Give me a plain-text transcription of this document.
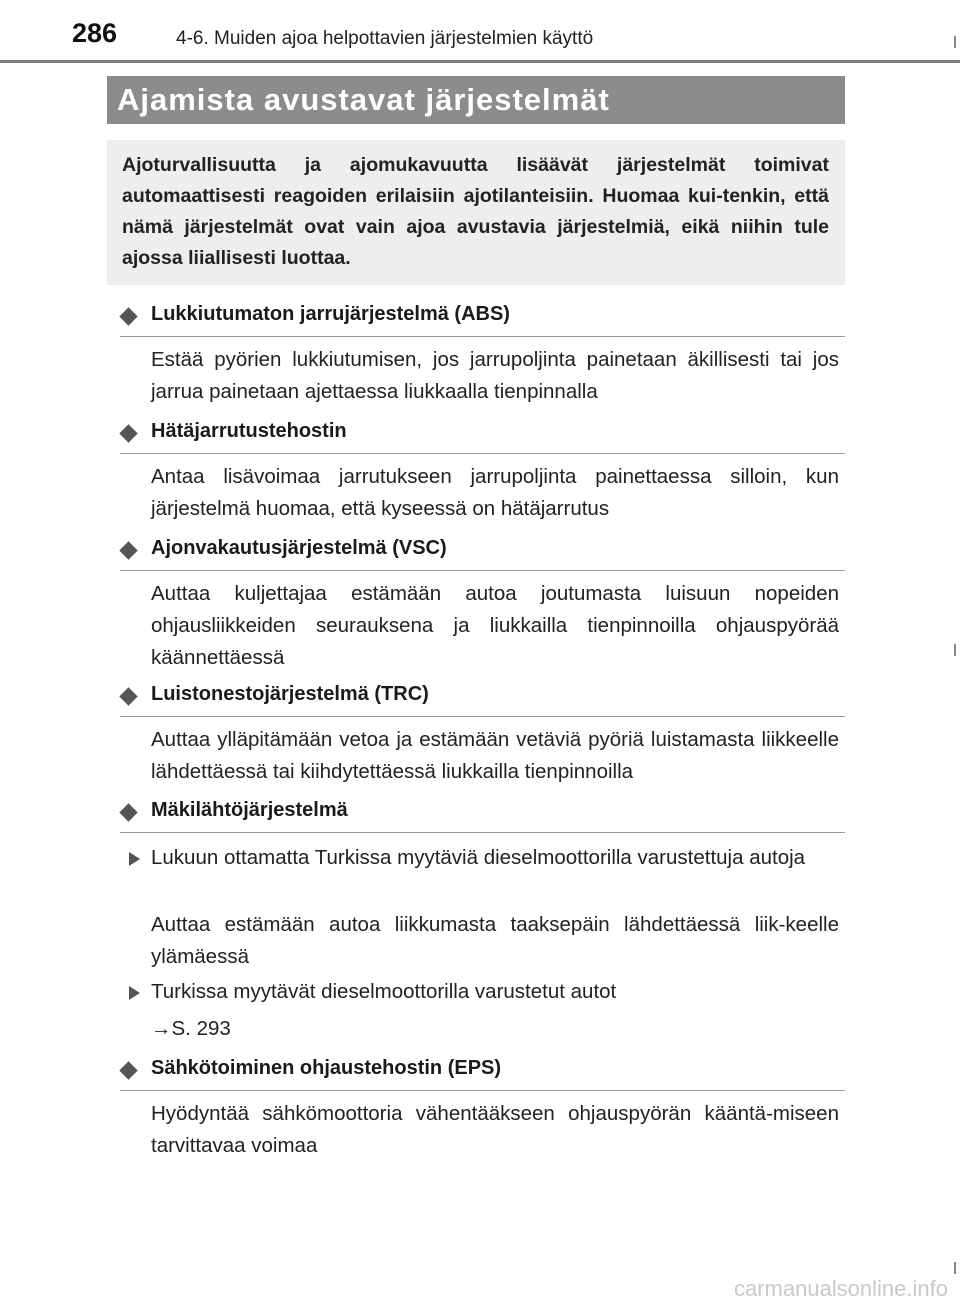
286	4-6. Muiden ajoa helpottavien järjestelmien käyttö
Ajamista avustavat järjestelmät

Ajoturvallisuutta ja ajomukavuutta lisäävät järjestelmät toimivat automaattisesti reagoiden erilaisiin ajotilanteisiin. Huomaa kui-tenkin, että nämä järjestelmät ovat vain ajoa avustavia järjestelmiä, eikä niihin tule ajossa liiallisesti luottaa.

Lukkiutumaton jarrujärjestelmä (ABS)

Estää pyörien lukkiutumisen, jos jarrupoljinta painetaan äkillisesti tai jos jarrua painetaan ajettaessa liukkaalla tienpinnalla

Hätäjarrutustehostin

Antaa lisävoimaa jarrutukseen jarrupoljinta painettaessa silloin, kun järjestelmä huomaa, että kyseessä on hätäjarrutus

Ajonvakautusjärjestelmä (VSC)

Auttaa kuljettajaa estämään autoa joutumasta luisuun nopeiden ohjausliikkeiden seurauksena ja liukkailla tienpinnoilla ohjauspyörää käännettäessä

Luistonestojärjestelmä (TRC)

Auttaa ylläpitämään vetoa ja estämään vetäviä pyöriä luistamasta liikkeelle lähdettäessä tai kiihdytettäessä liukkailla tienpinnoilla

Mäkilähtöjärjestelmä

Lukuun ottamatta Turkissa myytäviä dieselmoottorilla varustettuja autoja

Auttaa estämään autoa liikkumasta taaksepäin lähdettäessä liik-keelle ylämäessä

Turkissa myytävät dieselmoottorilla varustetut autot

→S. 293

Sähkötoiminen ohjaustehostin (EPS)

Hyödyntää sähkömoottoria vähentääkseen ohjauspyörän kääntä-miseen tarvittavaa voimaa

carmanualsonline.info
